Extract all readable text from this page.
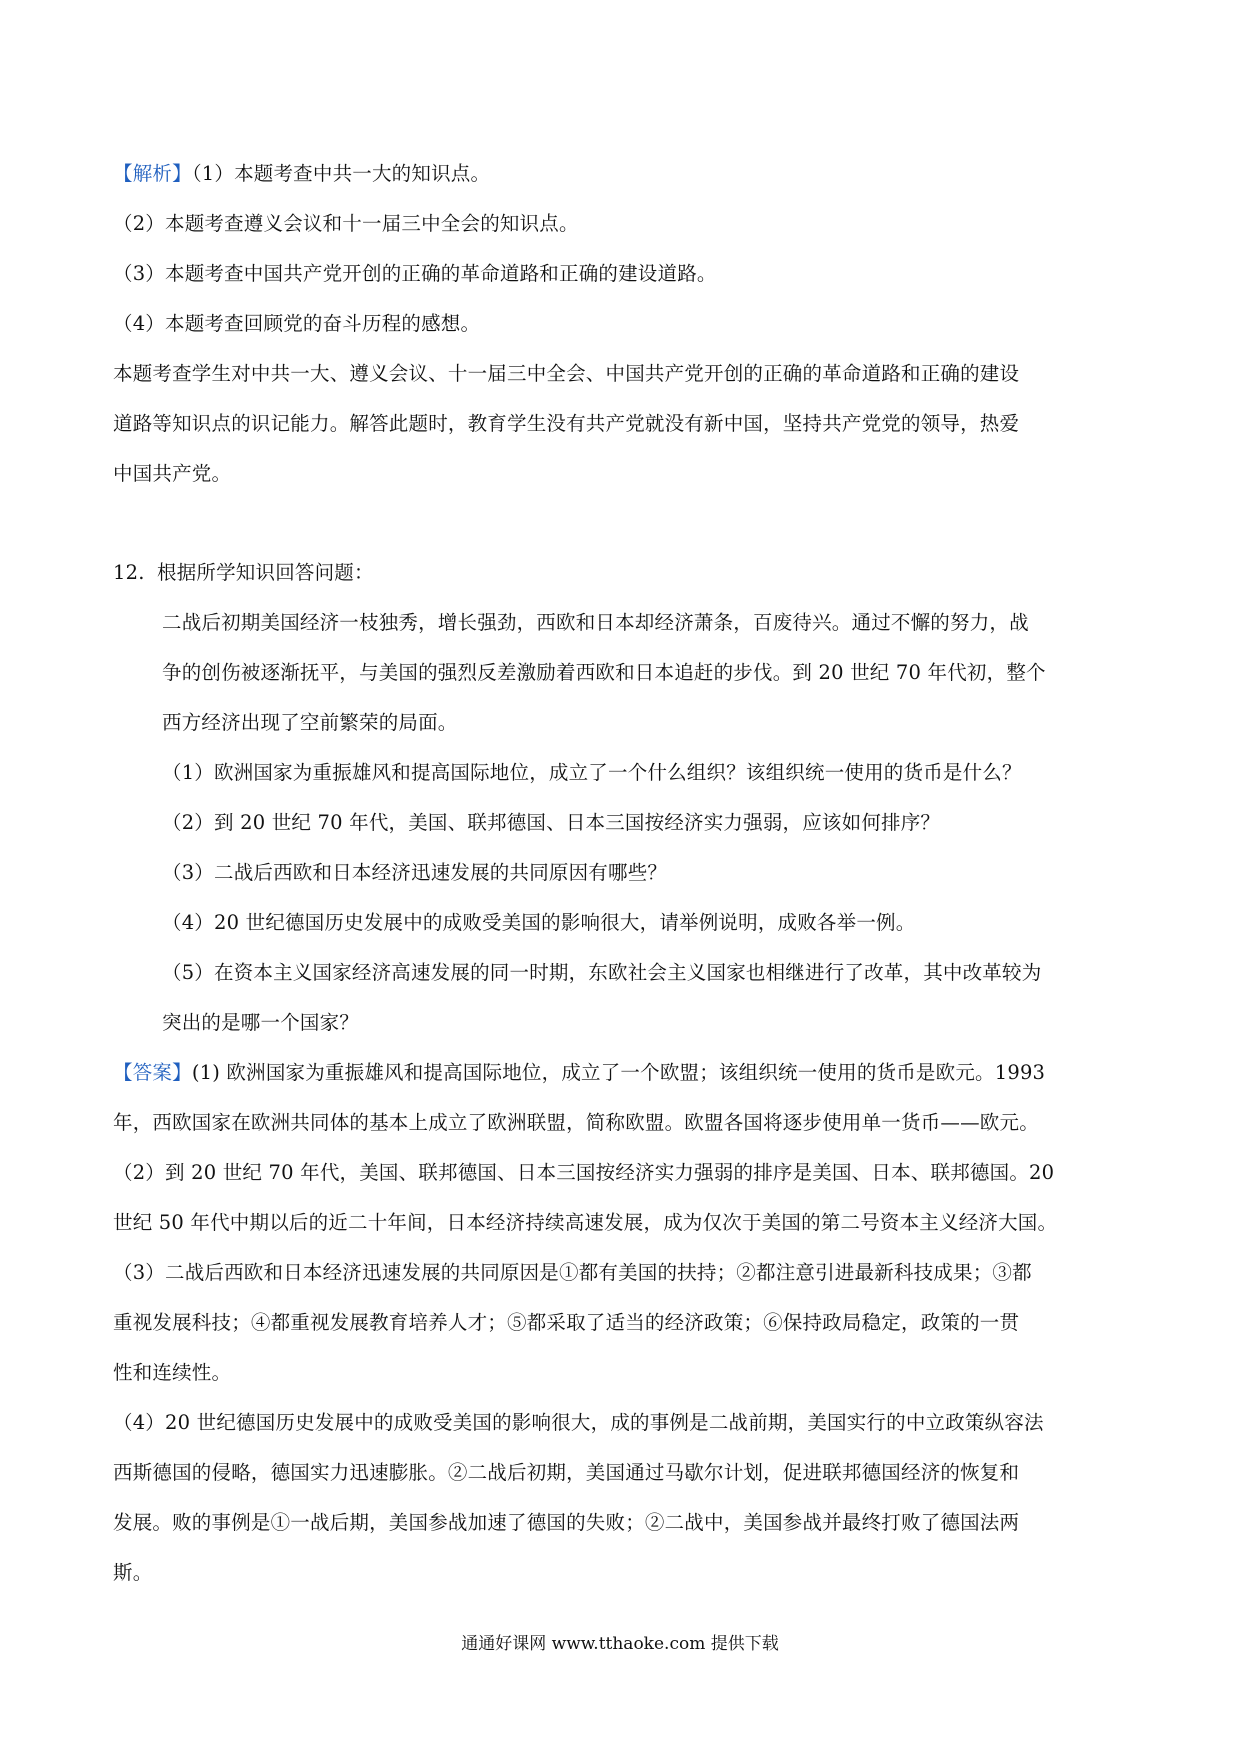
【解析】（1）本题考查中共一大的知识点。
（2）本题考查遵义会议和十一届三中全会的知识点。
（3）本题考查中国共产党开创的正确的革命道路和正确的建设道路。
（4）本题考查回顾党的奋斗历程的感想。
本题考查学生对中共一大、遵义会议、十一届三中全会、中国共产党开创的正确的革命道路和正确的建设
道路等知识点的识记能力。解答此题时，教育学生没有共产党就没有新中国，坚持共产党党的领导，热爱
中国共产党。
12. 根据所学知识回答问题：
二战后初期美国经济一枝独秀，增长强劲，西欧和日本却经济萧条，百废待兴。通过不懈的努力，战
争的创伤被逐渐抚平，与美国的强烈反差激励着西欧和日本追赶的步伐。到 20 世纪 70 年代初，整个
西方经济出现了空前繁荣的局面。
（1）欧洲国家为重振雄风和提高国际地位，成立了一个什么组织？该组织统一使用的货币是什么？
（2）到 20 世纪 70 年代，美国、联邦德国、日本三国按经济实力强弱，应该如何排序？
（3）二战后西欧和日本经济迅速发展的共同原因有哪些？
（4）20 世纪德国历史发展中的成败受美国的影响很大，请举例说明，成败各举一例。
（5）在资本主义国家经济高速发展的同一时期，东欧社会主义国家也相继进行了改革，其中改革较为
突出的是哪一个国家？
【答案】(1) 欧洲国家为重振雄风和提高国际地位，成立了一个欧盟；该组织统一使用的货币是欧元。1993
年，西欧国家在欧洲共同体的基本上成立了欧洲联盟，简称欧盟。欧盟各国将逐步使用单一货币——欧元。
（2）到 20 世纪 70 年代，美国、联邦德国、日本三国按经济实力强弱的排序是美国、日本、联邦德国。20
世纪 50 年代中期以后的近二十年间，日本经济持续高速发展，成为仅次于美国的第二号资本主义经济大国。
（3）二战后西欧和日本经济迅速发展的共同原因是①都有美国的扶持；②都注意引进最新科技成果；③都
重视发展科技；④都重视发展教育培养人才；⑤都采取了适当的经济政策；⑥保持政局稳定，政策的一贯
性和连续性。
（4）20 世纪德国历史发展中的成败受美国的影响很大，成的事例是二战前期，美国实行的中立政策纵容法
西斯德国的侵略，德国实力迅速膨胀。②二战后初期，美国通过马歇尔计划，促进联邦德国经济的恢复和
发展。败的事例是①一战后期，美国参战加速了德国的失败；②二战中，美国参战并最终打败了德国法两
斯。
通通好课网 www.tthaoke.com 提供下载
